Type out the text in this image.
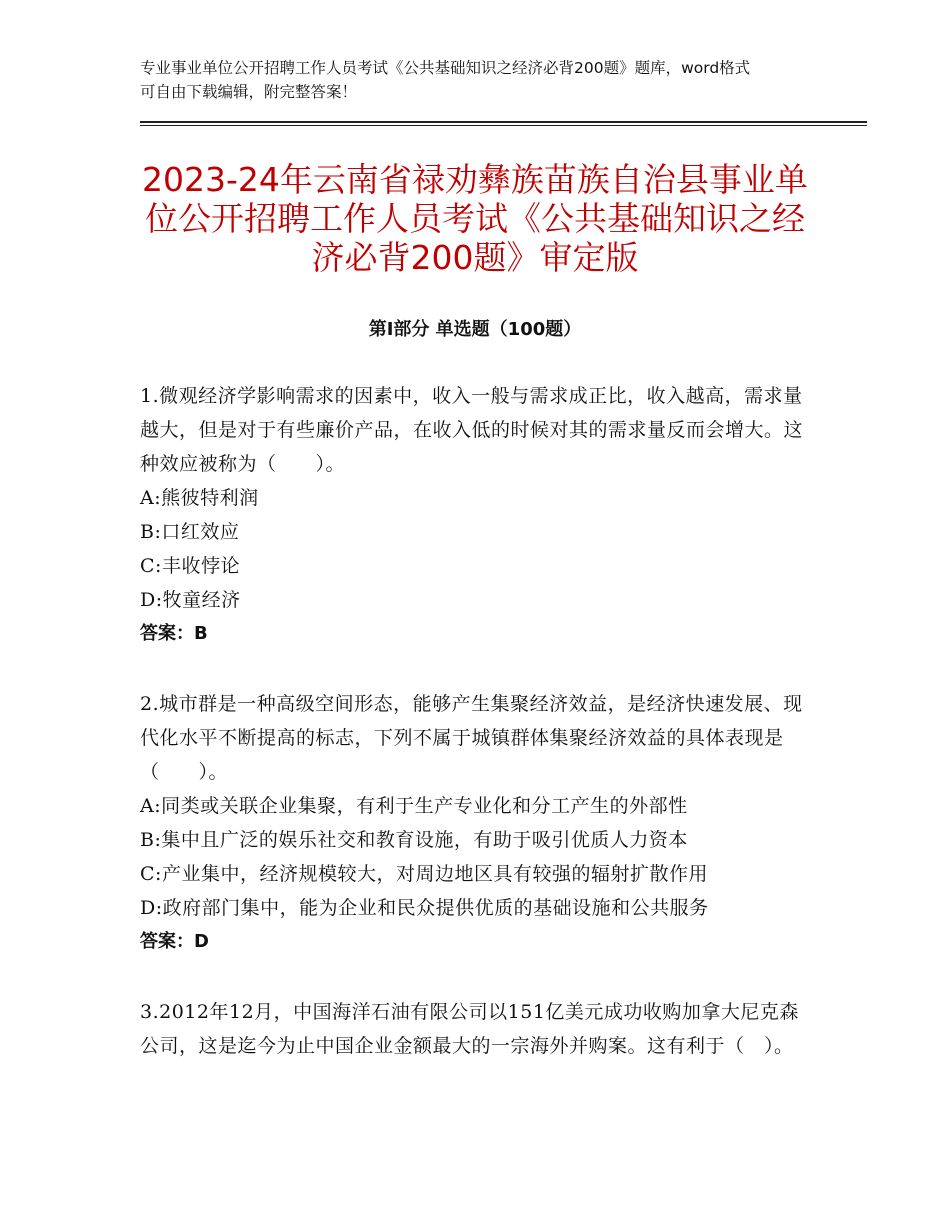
专业事业单位公开招聘工作人员考试《公共基础知识之经济必背200题》题库，word格式可自由下载编辑，附完整答案！
2023-24年云南省禄劝彝族苗族自治县事业单位公开招聘工作人员考试《公共基础知识之经济必背200题》审定版
第Ⅰ部分 单选题（100题）
1.微观经济学影响需求的因素中，收入一般与需求成正比，收入越高，需求量越大，但是对于有些廉价产品，在收入低的时候对其的需求量反而会增大。这种效应被称为（　　）。
A:熊彼特利润
B:口红效应
C:丰收悖论
D:牧童经济
答案：B
2.城市群是一种高级空间形态，能够产生集聚经济效益，是经济快速发展、现代化水平不断提高的标志，下列不属于城镇群体集聚经济效益的具体表现是（　　）。
A:同类或关联企业集聚，有利于生产专业化和分工产生的外部性
B:集中且广泛的娱乐社交和教育设施，有助于吸引优质人力资本
C:产业集中，经济规模较大，对周边地区具有较强的辐射扩散作用
D:政府部门集中，能为企业和民众提供优质的基础设施和公共服务
答案：D
3.2012年12月，中国海洋石油有限公司以151亿美元成功收购加拿大尼克森公司，这是迄今为止中国企业金额最大的一宗海外并购案。这有利于（　）。
